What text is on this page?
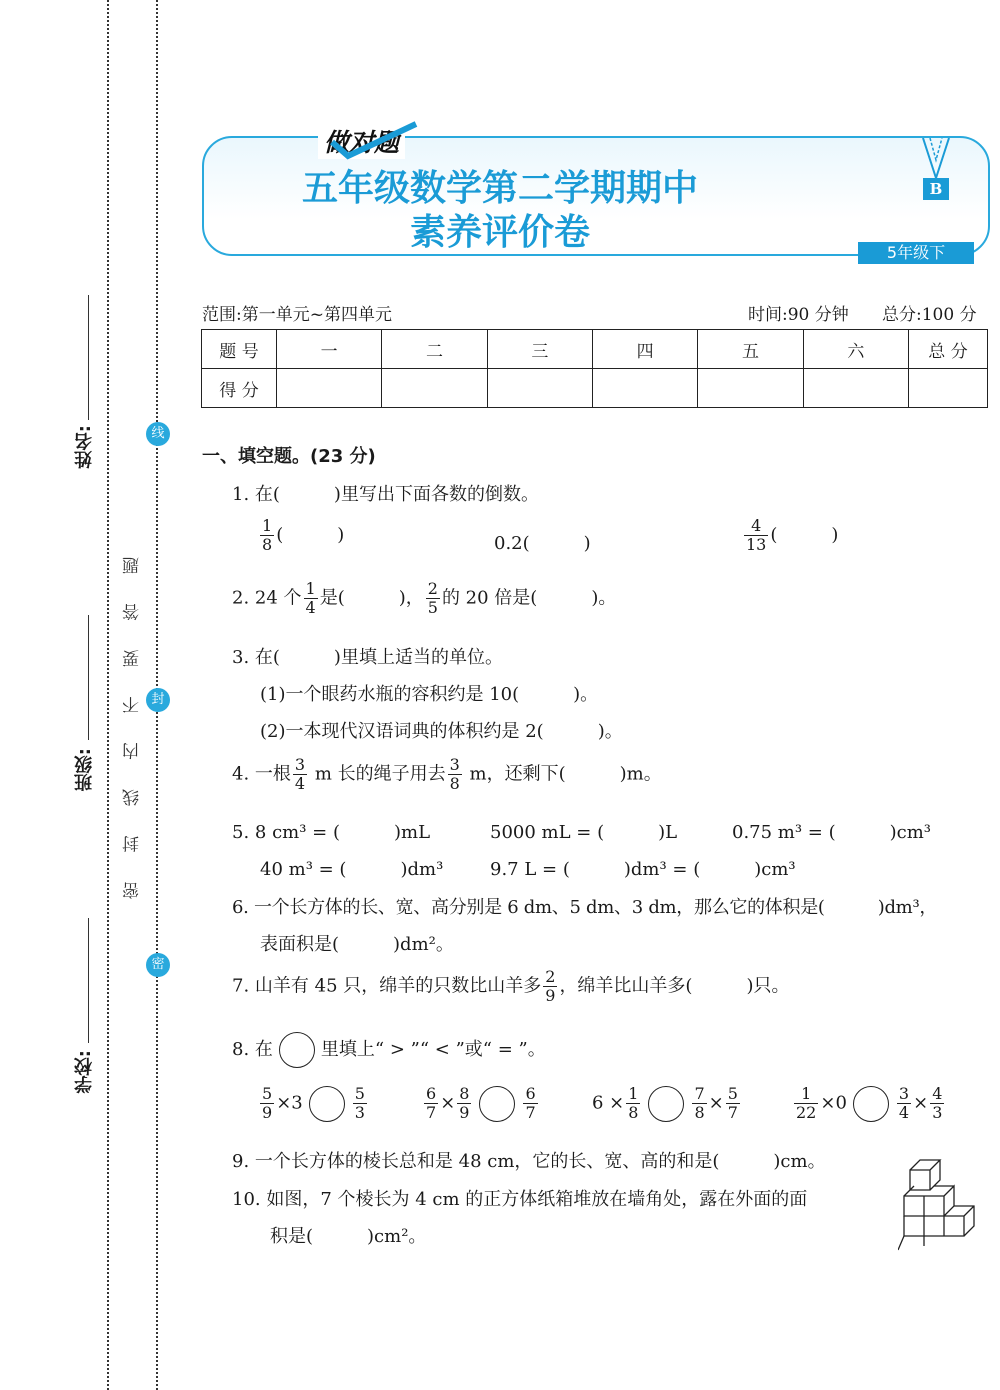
姓名:
班级:
学校:
密 封 线 内 不 要 答 题
线
封
密
做对题
五年级数学第二学期期中
素养评价卷
B
5年级下
范围:第一单元~第四单元	时间:90 分钟 总分:100 分
题 号	一	二	三	四	五	六	总 分
得 分							
一、填空题。(23 分)
1. 在(　　　)里写出下面各数的倒数。
$\frac{1}{8}$ (　　　)	0.2(　　　)	$\frac{4}{13}$ (　　　)
2. 24 个 $\frac{1}{4}$ 是(　　　)， $\frac{2}{5}$ 的 20 倍是(　　　)。
3. 在(　　　)里填上适当的单位。
(1)一个眼药水瓶的容积约是 10(　　　)。
(2)一本现代汉语词典的体积约是 2(　　　)。
4. 一根 $\frac{3}{4}$ m 长的绳子用去 $\frac{3}{8}$ m，还剩下(　　　)m。
5. 8 cm³ = (　　　)mL	5000 mL = (　　　)L	0.75 m³ = (　　　)cm³
40 m³ = (　　　)dm³	9.7 L = (　　　)dm³ = (　　　)cm³
6. 一个长方体的长、宽、高分别是 6 dm、5 dm、3 dm，那么它的体积是(　　　)dm³，
表面积是(　　　)dm²。
7. 山羊有 45 只，绵羊的只数比山羊多 $\frac{2}{9}$ ，绵羊比山羊多(　　　)只。
8. 在	里填上“ > ”“ < ”或“ = ”。
$\frac{5}{9} \times 3$	$\frac{5}{3}$	$\frac{6}{7} \times \frac{8}{9}$	$\frac{6}{7}$	$6 \times \frac{1}{8}$	$\frac{7}{8} \times \frac{5}{7}$	$\frac{1}{22} \times 0$	$\frac{3}{4} \times \frac{4}{3}$
9. 一个长方体的棱长总和是 48 cm，它的长、宽、高的和是(　　　)cm。
10. 如图，7 个棱长为 4 cm 的正方体纸箱堆放在墙角处，露在外面的面
积是(　　　)cm²。
